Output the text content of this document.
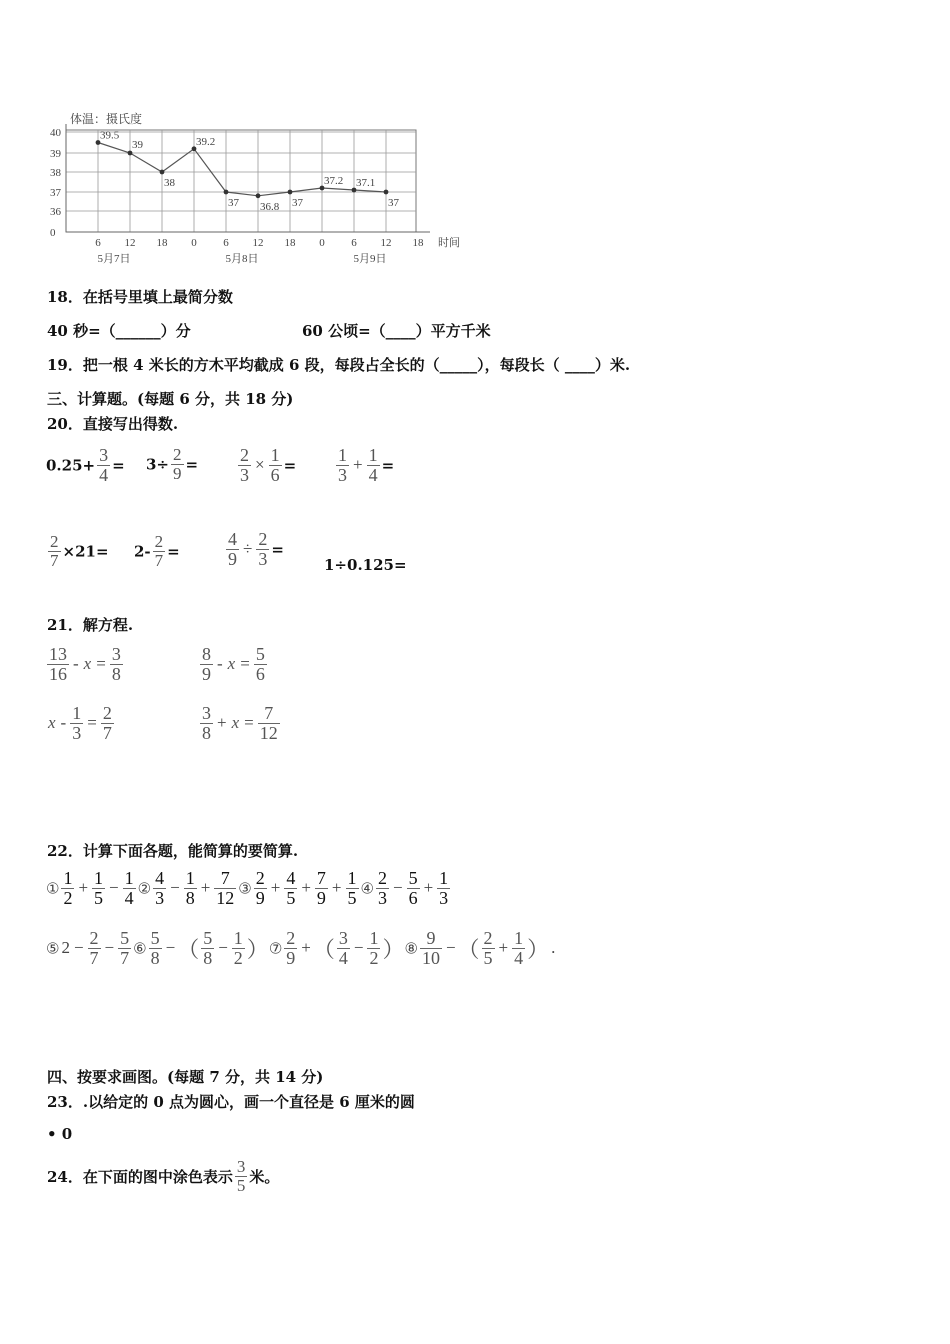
体温：摄氏度
40
39
38
37
36
0
6 12 18 0 6 12 18 0 6 12 18 时间
5月7日	5月8日	5月9日
39.5
39
38
39.2
37 36.8 37
37.2 37.1
37
18．在括号里填上最简分数
40 秒=（______）分	60 公顷=（____）平方千米
19．把一根 4 米长的方木平均截成 6 段，每段占全长的（_____），每段长（ ____）米.
三、计算题。(每题 6 分，共 18 分)
20．直接写出得数.
$0.25+ \frac{3}{4} = 3\div \frac{2}{9} = \frac{2}{3} \times \frac{1}{6} = \frac{1}{3} + \frac{1}{4}$ =
$\frac{2}{7} \times 21= 2- \frac{2}{7}$ =	$\frac{4}{9} \div \frac{2}{3}$ =
1÷0.125=
21．解方程.
$\frac{13}{16} - x = \frac{3}{8}$	$\frac{8}{9} - x = \frac{5}{6}$
$x - \frac{1}{3} = \frac{2}{7}$	$\frac{3}{8} + x = \frac{7}{12}$
22．计算下面各题，能简算的要简算.
① $\frac{1}{2} + \frac{1}{5} - \frac{1}{4}$ ② $\frac{4}{3} - \frac{1}{8} + \frac{7}{12}$ ③ $\frac{2}{9} + \frac{4}{5} + \frac{7}{9} + \frac{1}{5}$ ④ $\frac{2}{3} - \frac{5}{6} + \frac{1}{3}$
⑤ $2 - \frac{2}{7} - \frac{5}{7}$ ⑥ $\frac{5}{8}$ −（ $\frac{5}{8} - \frac{1}{2}$ ）⑦ $\frac{2}{9}$ +（ $\frac{3}{4} - \frac{1}{2}$ ）⑧ $\frac{9}{10}$ −（ $\frac{2}{5} + \frac{1}{4}$ ） .
四、按要求画图。(每题 7 分，共 14 分)
23．.以给定的 0 点为圆心，画一个直径是 6 厘米的圆
• 0
24．在下面的图中涂色表示 $\frac{3}{5}$ 米。
